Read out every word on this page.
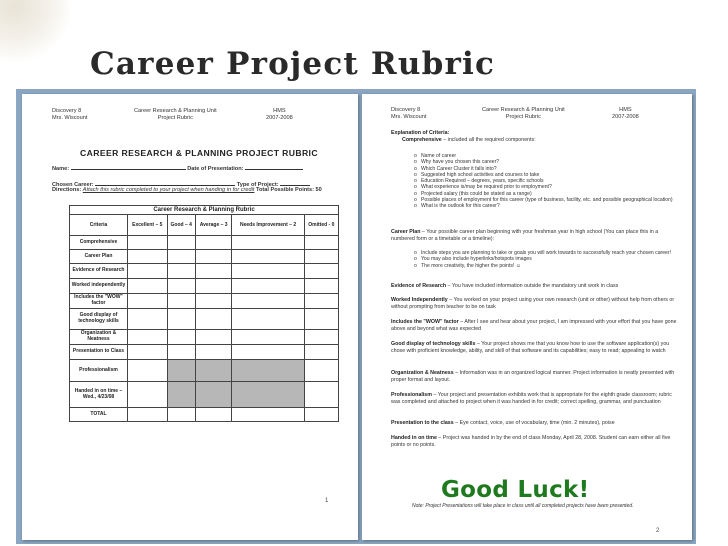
Career Project Rubric
Discovery 8
Mrs. Wiscount
Career Research & Planning Unit
Project Rubric
HMS
2007-2008
CAREER RESEARCH & PLANNING PROJECT RUBRIC
Name:	Date of Presentation:
Chosen Career:	Type of Project:
Directions: Attach this rubric completed to your project when handing in for credit Total Possible Points: 50
Career Research & Planning Rubric					
Criteria	Excellent – 5	Good – 4	Average – 3	Needs Improvement – 2	Omitted - 0
Comprehensive					
Career Plan					
Evidence of Research					
Worked independently					
Includes the "WOW" factor					
Good display of technology skills					
Organization & Neatness					
Presentation to Class					
Professionalism					
Handed in on time –Wed., 4/23/08					
TOTAL					
1
Discovery 8
Mrs. Wiscount
Career Research & Planning Unit
Project Rubric
HMS
2007-2008
Explanation of Criteria:
Comprehensive – included all the required components:
o Name of career
o Why have you chosen this career?
o Which Career Cluster it falls into?
o Suggested high school activities and courses to take
o Education Required – degrees, years, specific schools
o What experience is/may be required prior to employment?
o Projected salary (this could be stated as a range)
o Possible places of employment for this career (type of business, facility, etc. and possible geographical location)
o What is the outlook for this career?
Career Plan – Your possible career plan beginning with your freshman year in high school (You can place this in a numbered form or a timetable or a timeline):
o Include steps you are planning to take or goals you will work towards to successfully reach your chosen career!
o You may also include hyperlinks/hotspots images
o The more creativity, the higher the points! ☺
Evidence of Research – You have included information outside the mandatory unit work in class
Worked Independently – You worked on your project using your own research (unit or other) without help from others or without prompting from teacher to be on task
Includes the "WOW" factor – After I see and hear about your project, I am impressed with your effort that you have gone above and beyond what was expected
Good display of technology skills – Your project shows me that you know how to use the software application(s) you chose with proficient knowledge, ability, and skill of that software and its capabilities; easy to read; appealing to watch
Organization & Neatness – Information was in an organized logical manner. Project information is neatly presented with proper format and layout.
Professionalism – Your project and presentation exhibits work that is appropriate for the eighth grade classroom; rubric was completed and attached to project when it was handed in for credit; correct spelling, grammar, and punctuation
Presentation to the class – Eye contact, voice, use of vocabulary, time (min. 2 minutes), poise
Handed in on time – Project was handed in by the end of class Monday, April 28, 2008. Student can earn either all five points or no points.
Good Luck!
Note: Project Presentations will take place in class until all completed projects have been presented.
2
